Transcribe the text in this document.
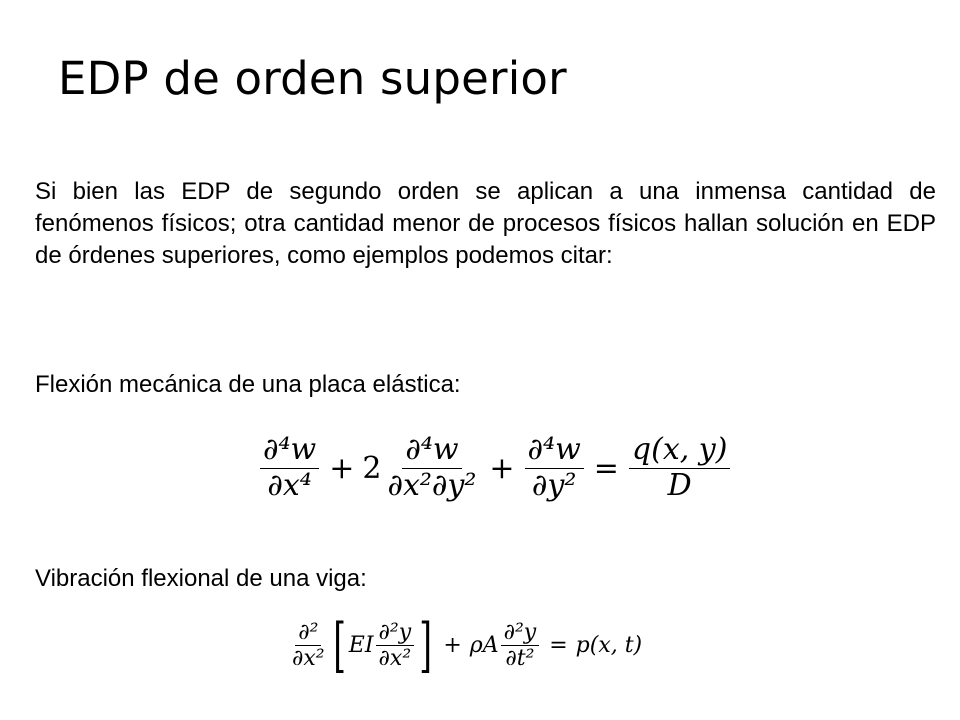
EDP de orden superior

Si bien las EDP de segundo orden se aplican a una inmensa cantidad de fenómenos físicos; otra cantidad menor de procesos físicos hallan solución en EDP de órdenes superiores, como ejemplos podemos citar:

Flexión mecánica de una placa elástica:

$\frac{\text{∂⁴w}}{\text{∂x⁴}} + 2 \frac{\text{∂⁴w}}{\text{∂x²∂y²}} + \frac{\text{∂⁴w}}{\text{∂y²}} = \frac{q(x, y)}{D}$

Vibración flexional de una viga:

$\frac{\text{∂²}}{\text{∂x²}}$ [ EI $\frac{\text{∂²y}}{\text{∂x²}}$ ] + ρA $\frac{\text{∂²y}}{\text{∂t²}} = p(x$, t)
